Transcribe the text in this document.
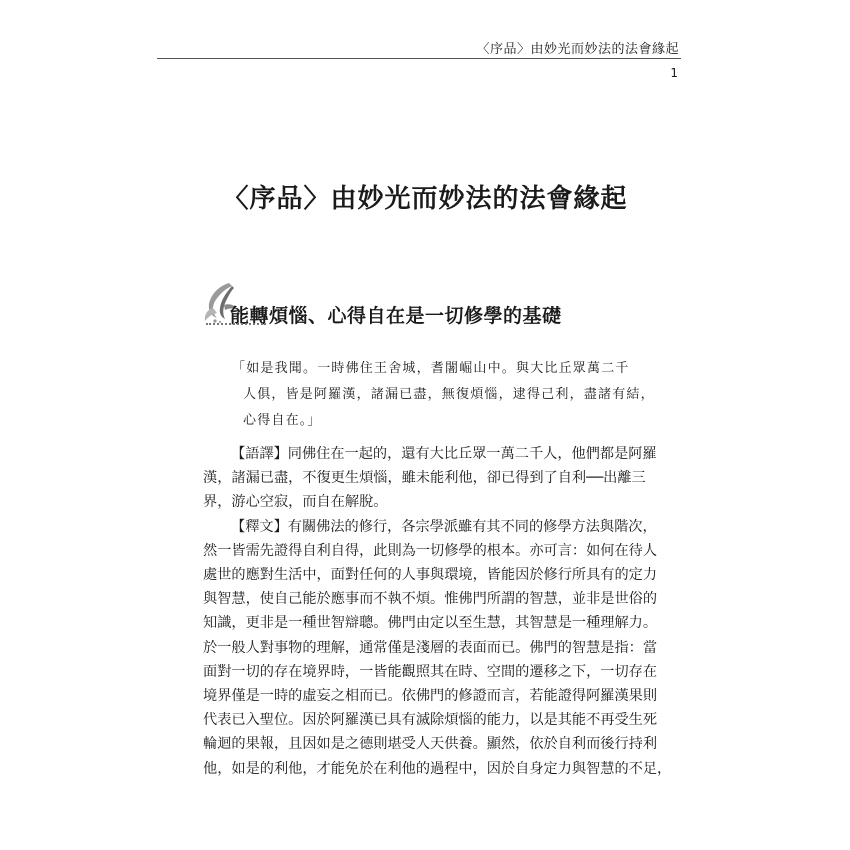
〈序品〉由妙光而妙法的法會緣起
1
〈序品〉由妙光而妙法的法會緣起
能轉煩惱、心得自在是一切修學的基礎
「如是我聞。一時佛住王舍城，耆闍崛山中。與大比丘眾萬二千
人俱，皆是阿羅漢，諸漏已盡，無復煩惱，逮得己利，盡諸有結，
心得自在。」
【語譯】同佛住在一起的，還有大比丘眾一萬二千人，他們都是阿羅
漢，諸漏已盡，不復更生煩惱，雖未能利他，卻已得到了自利──出離三
界，游心空寂，而自在解脫。
【釋文】有關佛法的修行，各宗學派雖有其不同的修學方法與階次，
然一皆需先證得自利自得，此則為一切修學的根本。亦可言：如何在待人
處世的應對生活中，面對任何的人事與環境，皆能因於修行所具有的定力
與智慧，使自己能於應事而不執不煩。惟佛門所謂的智慧，並非是世俗的
知識，更非是一種世智辯聰。佛門由定以至生慧，其智慧是一種理解力。
於一般人對事物的理解，通常僅是淺層的表面而已。佛門的智慧是指：當
面對一切的存在境界時，一皆能觀照其在時、空間的遷移之下，一切存在
境界僅是一時的虛妄之相而已。依佛門的修證而言，若能證得阿羅漢果則
代表已入聖位。因於阿羅漢已具有滅除煩惱的能力，以是其能不再受生死
輪迴的果報，且因如是之德則堪受人天供養。顯然，依於自利而後行持利
他，如是的利他，才能免於在利他的過程中，因於自身定力與智慧的不足，
